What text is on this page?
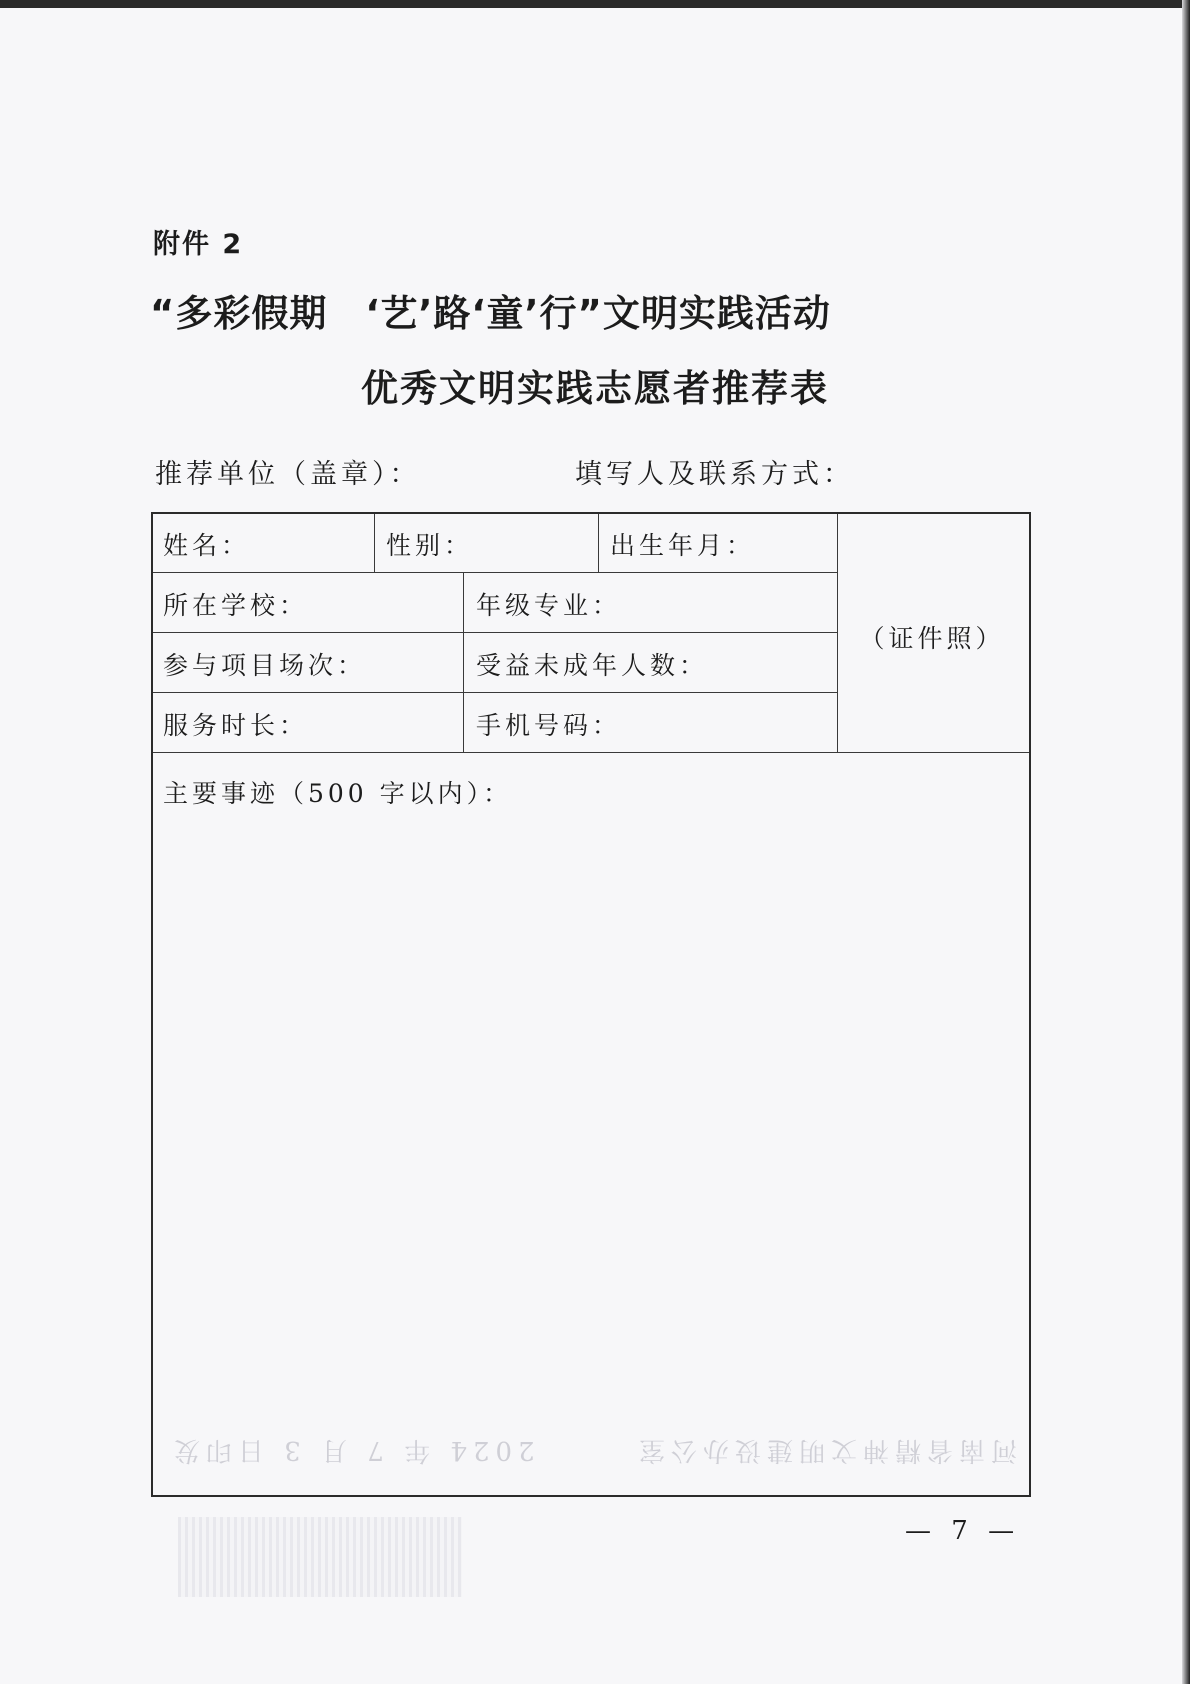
附件 2
“多彩假期　‘艺’路‘童’行”文明实践活动
优秀文明实践志愿者推荐表
推荐单位（盖章）：	填写人及联系方式：
姓名：	性别：	出生年月：
所在学校：	年级专业：
参与项目场次：	受益未成年人数：
服务时长：	手机号码：
（证件照）
主要事迹（500 字以内）：
2024 年 7 月 3 日印发	河南省精神文明建设办公室
— 7 —
